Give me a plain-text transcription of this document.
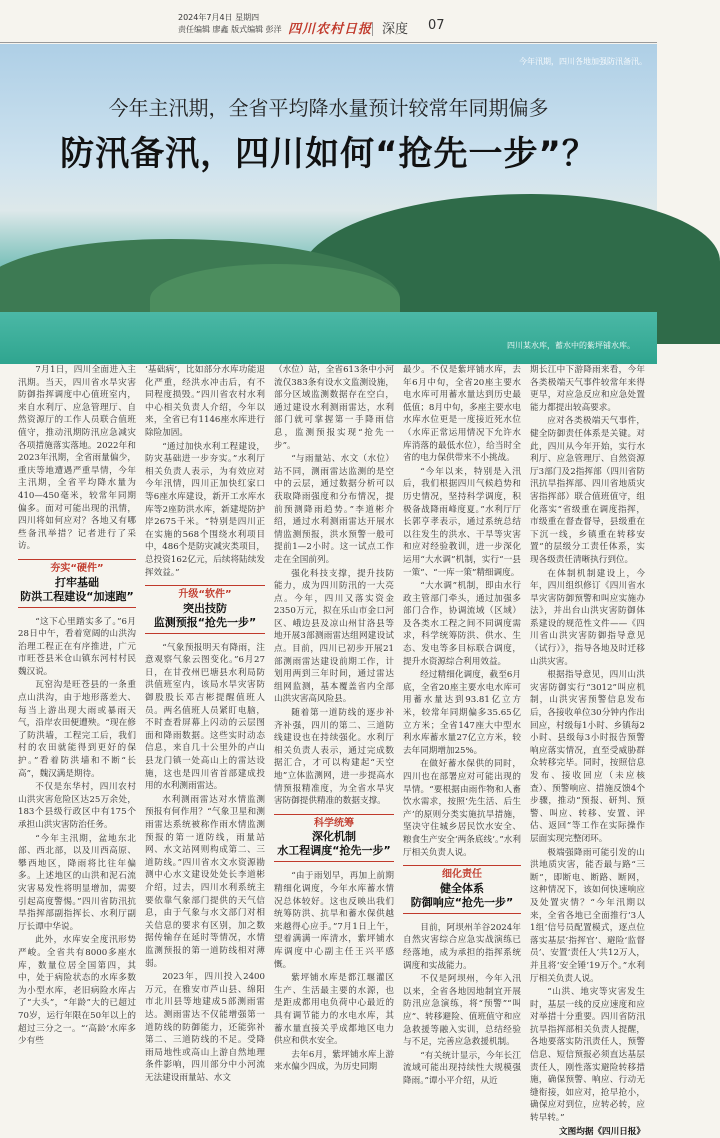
2024年7月4日 星期四
责任编辑 廖鑫 版式编辑 彭洋 四川农村日报 深度 07
今年汛期，四川各地加强防汛备汛。
今年主汛期，全省平均降水量预计较常年同期偏多
防汛备汛，四川如何“抢先一步”？
四川某水库，蓄水中的紫坪铺水库。

7月1日，四川全面进入主汛期。当天，四川省水旱灾害防御指挥调度中心值班室内，来自水利厅、应急管理厅、自然资源厅的工作人员联合值班值守，推动汛期防汛应急减灾各项措施落实落地。2022年和2023年汛期，全省雨量偏少，重庆等地遭遇严重旱情，今年主汛期，全省平均降水量为410—450毫米，较常年同期偏多。面对可能出现的汛情，四川将如何应对？各地又有哪些备汛举措？记者进行了采访。

夯实“硬件”
打牢基础
防洪工程建设“加速跑”

“这下心里踏实多了。”6月28日中午，看着宽阔的山洪沟治理工程正在有序推进，广元市旺苍县米仓山镇东河村村民魏汉说。

瓦窑沟是旺苍县的一条重点山洪沟，由于地形落差大、每当上游出现大雨或暴雨天气，沿岸农田便遭殃。“现在修了防洪墙，工程完工后，我们村的农田就能得到更好的保护。”看着防洪墙和不断“长高”，魏汉满是期待。

不仅是东华村，四川农村山洪灾害危险区达25万余处，183个县级行政区中有175个承担山洪灾害防治任务。

“今年主汛期，盆地东北部、西北部，以及川西高原、攀西地区，降雨将比往年偏多。上述地区的山洪和泥石流灾害易发性将明显增加，需要引起高度警惕。”四川省防汛抗旱指挥部副指挥长、水利厅副厅长谭中华说。

此外，水库安全度汛形势严峻。全省共有8000多座水库，数量位居全国第四，其中，处于病险状态的水库多数为小型水库，老旧病险水库占了“大头”，“年龄”大的已超过70岁，运行年限在50年以上的超过三分之一。“‘高龄’水库多少有些

‘基础病’，比如部分水库功能退化严重，经洪水冲击后，有不同程度损毁。”四川省农村水利中心相关负责人介绍，今年以来，全省已有1146座水库进行除险加固。

“通过加快水利工程建设，防灾基础进一步夯实。”水利厅相关负责人表示，为有效应对今年汛情，四川正加快红家口等6座水库建设，新开工水库水库等2座防洪水库，新建堤防护岸2675千米。“特别是四川正在实施的568个围绕水利项目中，486个是防灾减灾类项目，总投资162亿元，后续将陆续发挥效益。”

升级“软件”
突出技防
监测预报“抢先一步”

“气象预报明天有降雨，注意观察气象云图变化。”6月27日，在甘孜州巴塘县水利局防洪值班室内，该局水旱灾害防御股股长邓吉彬提醒值班人员。两名值班人员紧盯电脑，不时查看屏幕上闪动的云层图面和降雨数据。这些实时动态信息，来自几十公里外的卢山县龙门镇一处高山上的雷达设施，这也是四川省首部建成投用的水利测雨雷达。

水利测雨雷达对水情监测预报有何作用？“气象卫星和测雨雷达系统被称作雨水情监测预报的第一道防线，雨量站网、水文站网则构成第二、三道防线。”四川省水文水资源勘测中心水文建设处处长李道彬介绍，过去，四川水利系统主要依靠气象部门提供的天气信息，由于气象与水文部门对相关信息的要求有区别，加之数据传输存在延时等情况，水情监测预报的第一道防线相对薄弱。

2023年，四川投入2400万元，在雅安市芦山县、绵阳市北川县等地建成5部测雨雷达。测雨雷达不仅能增强第一道防线的防御能力，还能弥补第二、三道防线的不足。受降雨局地性或高山上游自然地理条件影响，四川部分中小河流无法建设雨量站、水文

（水位）站，全省613条中小河流仅383条有设水文监测设施，部分区域监测数据存在空白，通过建设水利测雨雷达，水利部门就可掌握第一手降雨信息，监测预报实现“抢先一步”。

“与雨量站、水文（水位）站不同，测雨雷达监测的是空中的云层，通过数据分析可以获取降雨强度和分布情况，提前预测降雨趋势。”李道彬介绍，通过水利测雨雷达开展水情监测预报，洪水预警一般可提前1—2小时。这一试点工作走在全国前列。

强化科技支撑，提升技防能力，成为四川防汛的一大亮点。今年，四川又落实资金2350万元，拟在乐山市金口河区、峨边县及凉山州甘洛县等地开展3部测雨雷达组网建设试点。目前，四川已初步开展21部测雨雷达建设前期工作，计划用两到三年时间，通过雷达组网监测，基本覆盖省内全部山洪灾害高风险县。

随着第一道防线的逐步补齐补强，四川的第二、三道防线建设也在持续强化。水利厅相关负责人表示，通过完成数据汇合，才可以构建起“天空地”立体监测网，进一步提高水情预报精准度，为全省水旱灾害防御提供精准的数据支撑。

科学统筹
深化机制
水工程调度“抢先一步”

“由于雨划早，再加上前期精细化调度，今年水库蓄水情况总体较好。这也反映出我们统筹防洪、抗旱和蓄水保供越来越得心应手。”7月1日上午，望着满满一库清水，紫坪铺水库调度中心副主任王兴平感慨。

紫坪铺水库是都江堰灌区生产、生活最主要的水源，也是距成都用电负荷中心最近的具有调节能力的水电水库，其蓄水量直接关乎成都地区电力供应和供水安全。

去年6月，紫坪铺水库上游来水偏少四成，为历史同期

最少。不仅是紫坪铺水库，去年6月中旬，全省20座主要水电水库可用蓄水量达到历史最低值；8月中旬，多座主要水电水库水位更是一度接近死水位（水库正常运用情况下允许水库消落的最低水位），给当时全省的电力保供带来不小挑战。

“今年以来，特别是入汛后，我们根据四川气候趋势和历史情况，坚持科学调度，积极备战降雨峰度夏。”水利厅厅长郭亨孝表示，通过系统总结以往发生的洪水、干旱等灾害和应对经验教训，进一步深化运用“大水调”机制，实行“一县一策”、“一库一策”精细调度。

“大水调”机制，即由水行政主管部门牵头，通过加强多部门合作，协调流域（区域）及各类水工程之间不同调度需求，科学统筹防洪、供水、生态、发电等多目标联合调度，提升水资源综合利用效益。

经过精细化调度，截至6月底，全省20座主要水电水库可用蓄水量达到93.81亿立方米，较常年同期偏多35.65亿立方米；全省147座大中型水利水库蓄水量27亿立方米，较去年同期增加25%。

在做好蓄水保供的同时，四川也在部署应对可能出现的旱情。“要根据由雨作物和人畜饮水需求，按照‘先生活、后生产’的原则分类实施抗旱措施，坚决守住城乡居民饮水安全、粮食生产安全‘两条底线’。”水利厅相关负责人说。

细化责任
健全体系
防御响应“抢先一步”

目前，阿坝州羊谷2024年自然灾害综合应急实战演练已经落地，成为承担的指挥系统调度和实战能力。

不仅是阿坝州，今年入汛以来，全省各地因地制宜开展防汛应急演练，将“预警”“叫应”、转移避险、值班值守和应急救援等融入实训，总结经验与不足，完善应急救援机制。

“有关统计显示，今年长江流域可能出现持续性大规模强降雨。”谭小平介绍，从近

期长江中下游降雨来看，今年各类极端天气事件较常年来得更早，对应急反应和应急处置能力都提出较高要求。

应对各类极端天气事件，健全防御责任体系是关键。对此，四川从今年开始，实行水利厅、应急管理厅、自然资源厅3部门及2指挥部（四川省防汛抗旱指挥部、四川省地质灾害指挥部）联合值班值守，组化落实“省级重在调度指挥，市级重在督查督导，县级重在下沉一线，乡镇重在转移安置”的层级分工责任体系，实现各级责任清晰执行到位。

在体制机制建设上，今年，四川组织修订《四川省水旱灾害防御预警和叫应实施办法》，并出台山洪灾害防御体系建设的规范性文件——《四川省山洪灾害防御指导意见（试行）》，指导各地及时迁移山洪灾害。

根据指导意见，四川山洪灾害防御实行“3012”叫应机制，山洪灾害预警信息发布后，各接收单位30分钟内作出回应，村级每1小时、乡镇每2小时、县级每3小时报告预警响应落实情况，直至受威胁群众转移完毕。同时，按照信息发布、接收回应（未应核查）、预警响应、措施反馈4个步骤，推动“预报、研判、预警、叫应、转移、安置、评估、返回”等工作在实际操作层面实现完整闭环。

极端强降雨可能引发的山洪地质灾害，能否最与路“三断”，即断电、断路、断网，这种情况下，该如何快速响应及处置灾情？“今年汛期以来，全省各地已全面推行‘3人1组’信号员配置模式，逐点位落实基层‘指挥官’、避险‘监督员’、安置‘责任人’共12万人，并且将‘安全锤’19万个。”水利厅相关负责人说。

“山洪、地灾等灾害发生时，基层一线的反应速度和应对举措十分重要。四川省防汛抗旱指挥部相关负责人提醒，各地要落实防汛责任人，预警信息、短信预报必须直达基层责任人，刚性落实避险转移措施，确保预警、响应、行动无缝衔接，如应对，抢早抢小，确保应对到位，应转必转，应转早转。”

文图均据《四川日报》
